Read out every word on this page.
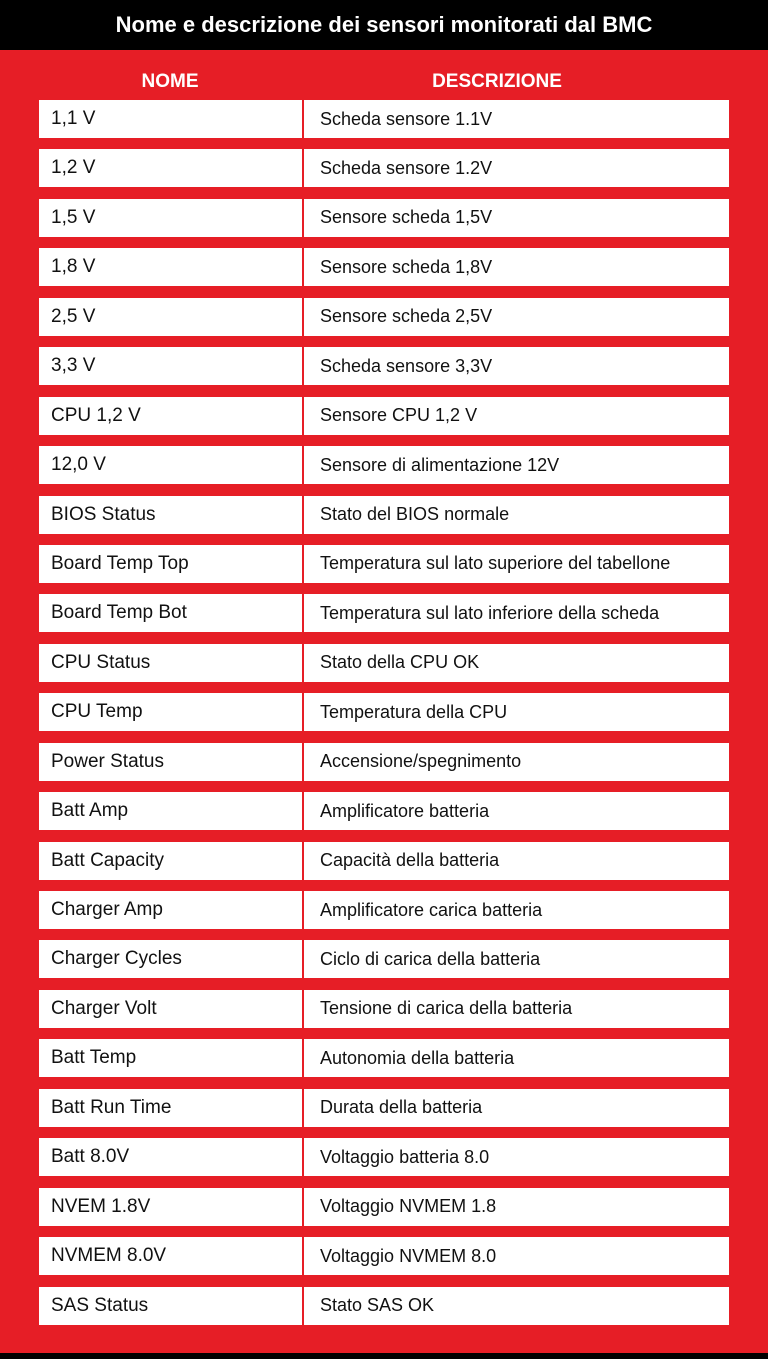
Nome e descrizione dei sensori monitorati dal BMC
NOME	DESCRIZIONE
1,1 V	Scheda sensore 1.1V
1,2 V	Scheda sensore 1.2V
1,5 V	Sensore scheda 1,5V
1,8 V	Sensore scheda 1,8V
2,5 V	Sensore scheda 2,5V
3,3 V	Scheda sensore 3,3V
CPU 1,2 V	Sensore CPU 1,2 V
12,0 V	Sensore di alimentazione 12V
BIOS Status	Stato del BIOS normale
Board Temp Top	Temperatura sul lato superiore del tabellone
Board Temp Bot	Temperatura sul lato inferiore della scheda
CPU Status	Stato della CPU OK
CPU Temp	Temperatura della CPU
Power Status	Accensione/spegnimento
Batt Amp	Amplificatore batteria
Batt Capacity	Capacità della batteria
Charger Amp	Amplificatore carica batteria
Charger Cycles	Ciclo di carica della batteria
Charger Volt	Tensione di carica della batteria
Batt Temp	Autonomia della batteria
Batt Run Time	Durata della batteria
Batt 8.0V	Voltaggio batteria 8.0
NVEM 1.8V	Voltaggio NVMEM 1.8
NVMEM 8.0V	Voltaggio NVMEM 8.0
SAS Status	Stato SAS OK
